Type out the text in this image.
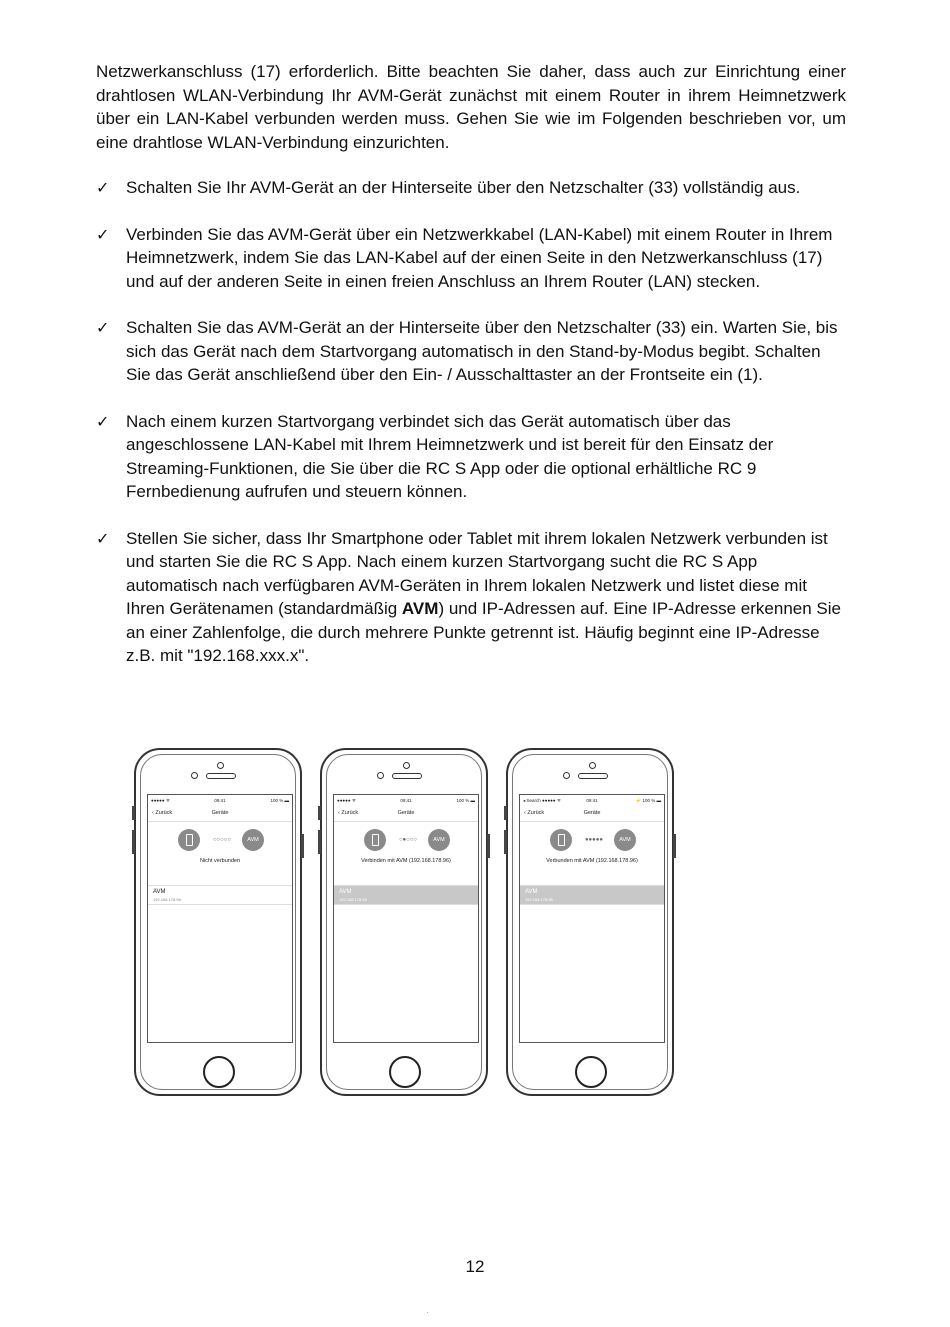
Netzwerkanschluss (17) erforderlich. Bitte beachten Sie daher, dass auch zur Einrichtung einer drahtlosen WLAN-Verbindung Ihr AVM-Gerät zunächst mit einem Router in ihrem Heimnetzwerk über ein LAN-Kabel verbunden werden muss. Gehen Sie wie im Folgenden beschrieben vor, um eine drahtlose WLAN-Verbindung einzurichten.

✓ Schalten Sie Ihr AVM-Gerät an der Hinterseite über den Netzschalter (33) vollständig aus.
✓ Verbinden Sie das AVM-Gerät über ein Netzwerkkabel (LAN-Kabel) mit einem Router in Ihrem Heimnetzwerk, indem Sie das LAN-Kabel auf der einen Seite in den Netzwerkanschluss (17) und auf der anderen Seite in einen freien Anschluss an Ihrem Router (LAN) stecken.
✓ Schalten Sie das AVM-Gerät an der Hinterseite über den Netzschalter (33) ein. Warten Sie, bis sich das Gerät nach dem Startvorgang automatisch in den Stand-by-Modus begibt. Schalten Sie das Gerät anschließend über den Ein- / Ausschalttaster an der Frontseite ein (1).
✓ Nach einem kurzen Startvorgang verbindet sich das Gerät automatisch über das angeschlossene LAN-Kabel mit Ihrem Heimnetzwerk und ist bereit für den Einsatz der Streaming-Funktionen, die Sie über die RC S App oder die optional erhältliche RC 9 Fernbedienung aufrufen und steuern können.
✓ Stellen Sie sicher, dass Ihr Smartphone oder Tablet mit ihrem lokalen Netzwerk verbunden ist und starten Sie die RC S App. Nach einem kurzen Startvorgang sucht die RC S App automatisch nach verfügbaren AVM-Geräten in Ihrem lokalen Netzwerk und listet diese mit Ihren Gerätenamen (standardmäßig AVM) und IP-Adressen auf. Eine IP-Adresse erkennen Sie an einer Zahlenfolge, die durch mehrere Punkte getrennt ist. Häufig beginnt eine IP-Adresse z.B. mit "192.168.xxx.x".
●●●●● ᯤ	09:41	100 % ▬
‹ Zurück	Geräte
○○○○○	AVM
Nicht verbunden
AVM
192.168.178.96
●●●●● ᯤ	09:41	100 % ▬
‹ Zurück	Geräte
○●○○○	AVM
Verbinden mit AVM (192.168.178.96)
AVM
192.168.178.96
◂ Search ●●●●● ᯤ	09:41	⚡ 100 % ▬
‹ Zurück	Geräte
●●●●●	AVM
Verbunden mit AVM (192.168.178.96)
AVM
192.168.178.96
12
·
